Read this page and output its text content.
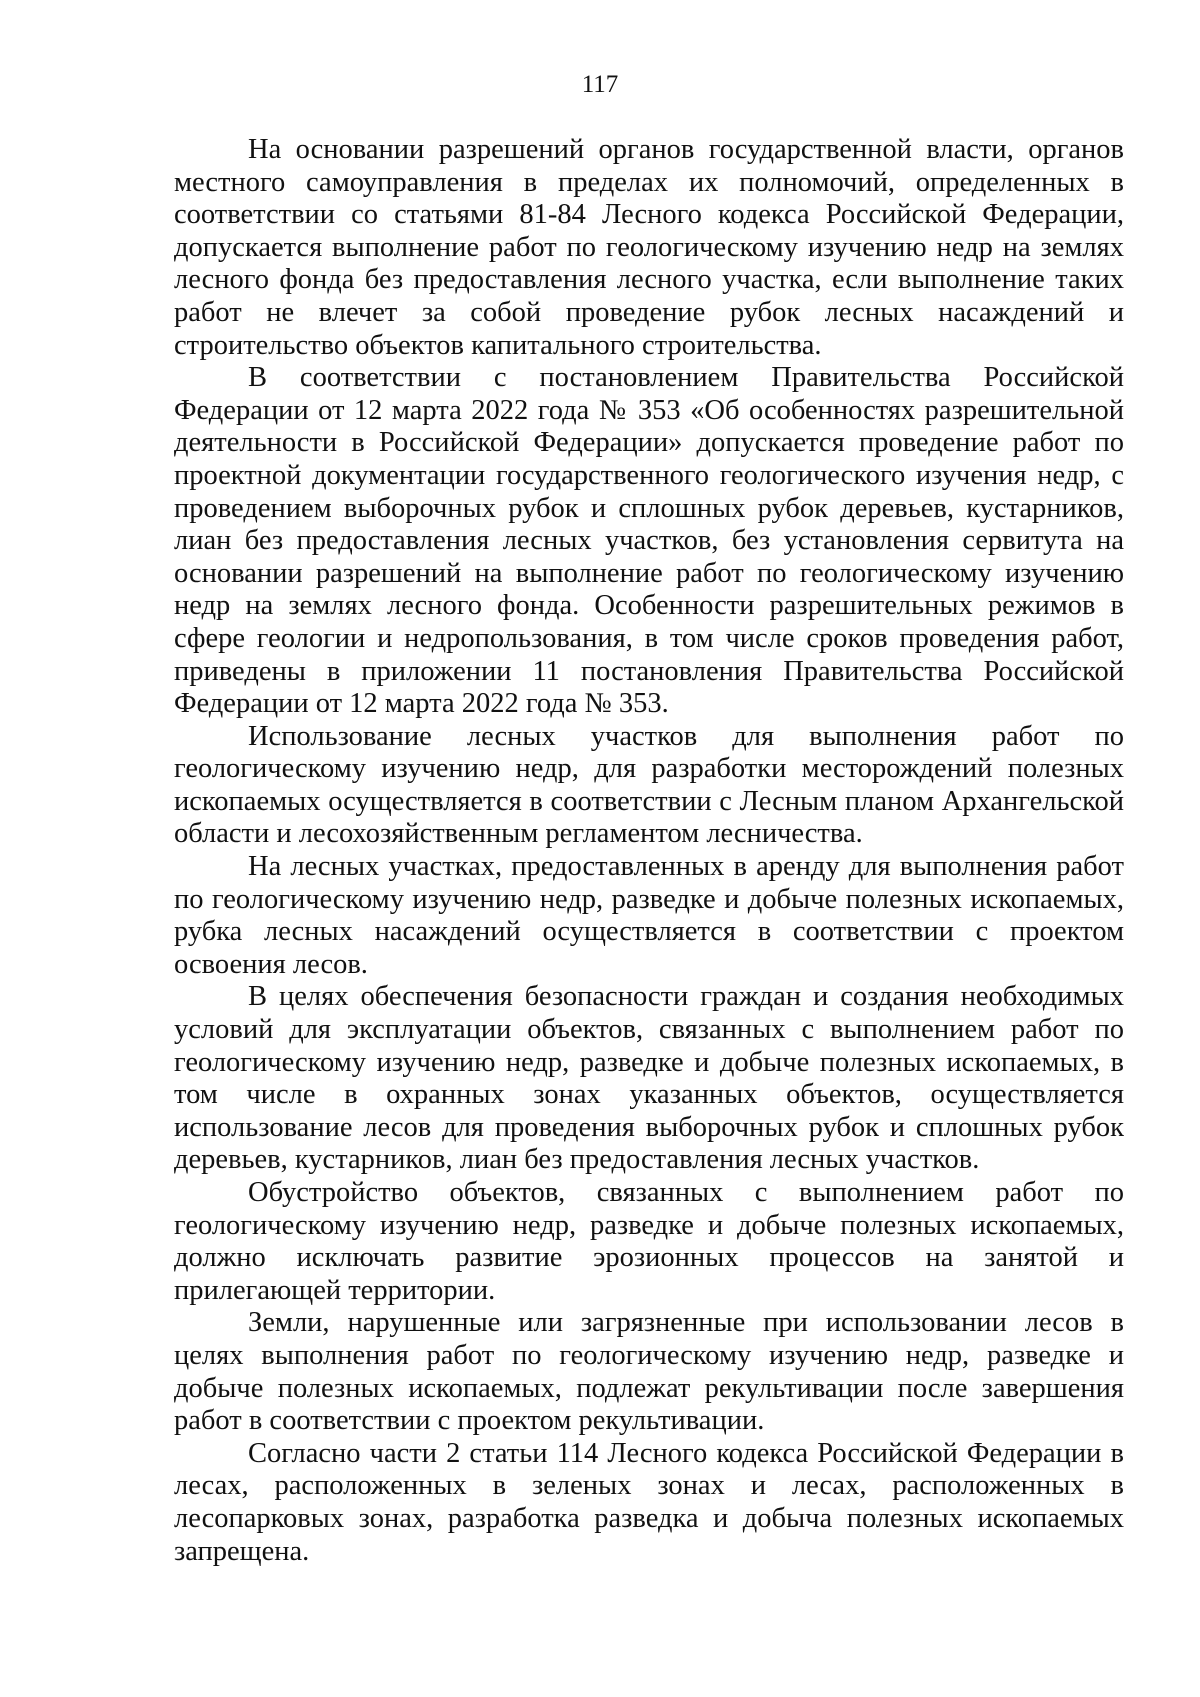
117

На основании разрешений органов государственной власти, органов местного самоуправления в пределах их полномочий, определенных в соответствии со статьями 81-84 Лесного кодекса Российской Федерации, допускается выполнение работ по геологическому изучению недр на землях лесного фонда без предоставления лесного участка, если выполнение таких работ не влечет за собой проведение рубок лесных насаждений и строительство объектов капитального строительства.

В соответствии с постановлением Правительства Российской Федерации от 12 марта 2022 года № 353 «Об особенностях разрешительной деятельности в Российской Федерации» допускается проведение работ по проектной документации государственного геологического изучения недр, с проведением выборочных рубок и сплошных рубок деревьев, кустарников, лиан без предоставления лесных участков, без установления сервитута на основании разрешений на выполнение работ по геологическому изучению недр на землях лесного фонда. Особенности разрешительных режимов в сфере геологии и недропользования, в том числе сроков проведения работ, приведены в приложении 11 постановления Правительства Российской Федерации от 12 марта 2022 года № 353.

Использование лесных участков для выполнения работ по геологическому изучению недр, для разработки месторождений полезных ископаемых осуществляется в соответствии с Лесным планом Архангельской области и лесохозяйственным регламентом лесничества.

На лесных участках, предоставленных в аренду для выполнения работ по геологическому изучению недр, разведке и добыче полезных ископаемых, рубка лесных насаждений осуществляется в соответствии с проектом освоения лесов.

В целях обеспечения безопасности граждан и создания необходимых условий для эксплуатации объектов, связанных с выполнением работ по геологическому изучению недр, разведке и добыче полезных ископаемых, в том числе в охранных зонах указанных объектов, осуществляется использование лесов для проведения выборочных рубок и сплошных рубок деревьев, кустарников, лиан без предоставления лесных участков.

Обустройство объектов, связанных с выполнением работ по геологическому изучению недр, разведке и добыче полезных ископаемых, должно исключать развитие эрозионных процессов на занятой и прилегающей территории.

Земли, нарушенные или загрязненные при использовании лесов в целях выполнения работ по геологическому изучению недр, разведке и добыче полезных ископаемых, подлежат рекультивации после завершения работ в соответствии с проектом рекультивации.

Согласно части 2 статьи 114 Лесного кодекса Российской Федерации в лесах, расположенных в зеленых зонах и лесах, расположенных в лесопарковых зонах, разработка разведка и добыча полезных ископаемых запрещена.
